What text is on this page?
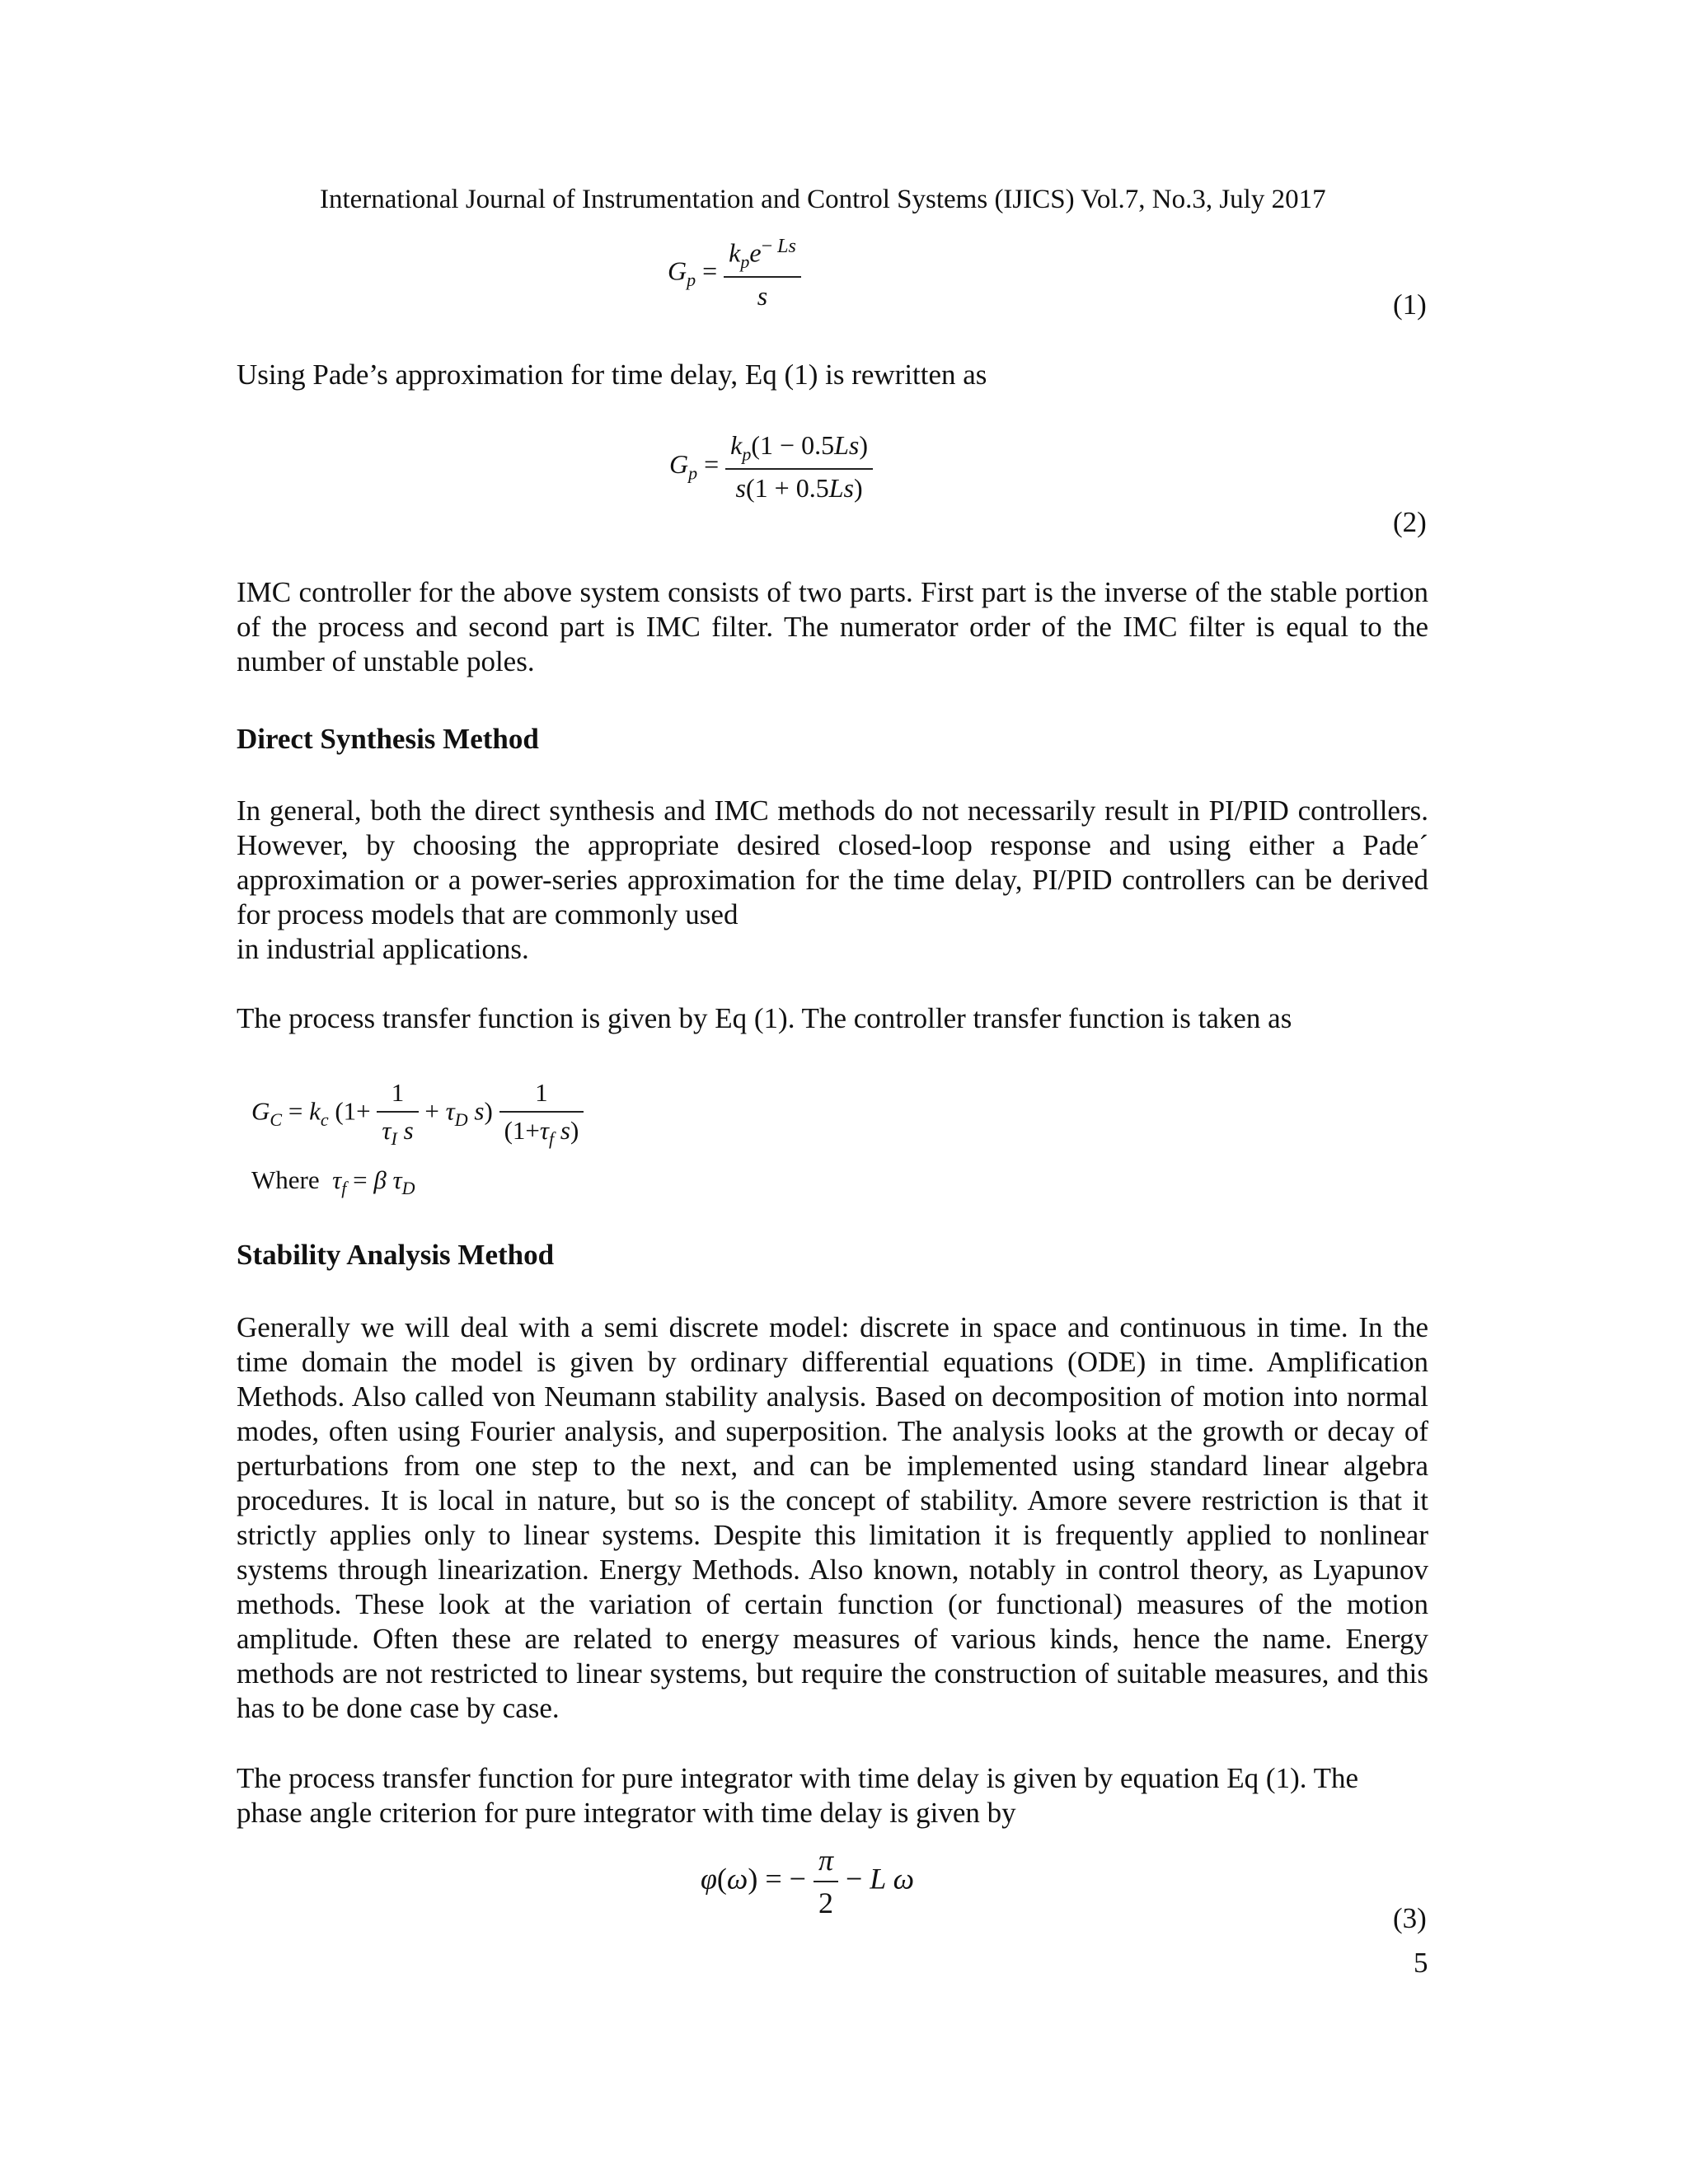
International Journal of Instrumentation and Control Systems (IJICS) Vol.7, No.3, July 2017
$G_p = \frac{k_pe^{- Ls}}{s}$	(1)
Using Pade’s approximation for time delay, Eq (1) is rewritten as
$G_p = \frac{k_p(1 - 0.5Ls)}{s(1 + 0.5Ls)}$
(2)
IMC controller for the above system consists of two parts. First part is the inverse of the stable portion of the process and second part is IMC filter. The numerator order of the IMC filter is equal to the number of unstable poles.
Direct Synthesis Method
In general, both the direct synthesis and IMC methods do not necessarily result in PI/PID controllers. However, by choosing the appropriate desired closed-loop response and using either a Pade´ approximation or a power-series approximation for the time delay, PI/PID controllers can be derived for process models that are commonly used
in industrial applications.
The process transfer function is given by Eq (1). The controller transfer function is taken as
$G_C = k_c$ ($1+ \frac{1}{\tau_I s} + \tau_D$ $s) \frac{1}{(1+\tau_f s)}$
Where $\tau_f = \beta$ $\tau_D$
Stability Analysis Method
Generally we will deal with a semi discrete model: discrete in space and continuous in time. In the time domain the model is given by ordinary differential equations (ODE) in time. Amplification Methods. Also called von Neumann stability analysis. Based on decomposition of motion into normal modes, often using Fourier analysis, and superposition. The analysis looks at the growth or decay of perturbations from one step to the next, and can be implemented using standard linear algebra procedures. It is local in nature, but so is the concept of stability. Amore severe restriction is that it strictly applies only to linear systems. Despite this limitation it is frequently applied to nonlinear systems through linearization. Energy Methods. Also known, notably in control theory, as Lyapunov methods. These look at the variation of certain function (or functional) measures of the motion amplitude. Often these are related to energy measures of various kinds, hence the name. Energy methods are not restricted to linear systems, but require the construction of suitable measures, and this has to be done case by case.
The process transfer function for pure integrator with time delay is given by equation Eq (1). The phase angle criterion for pure integrator with time delay is given by
φ(ω) = − $\frac{\pi}{2} - L$ ω
(3)
5
